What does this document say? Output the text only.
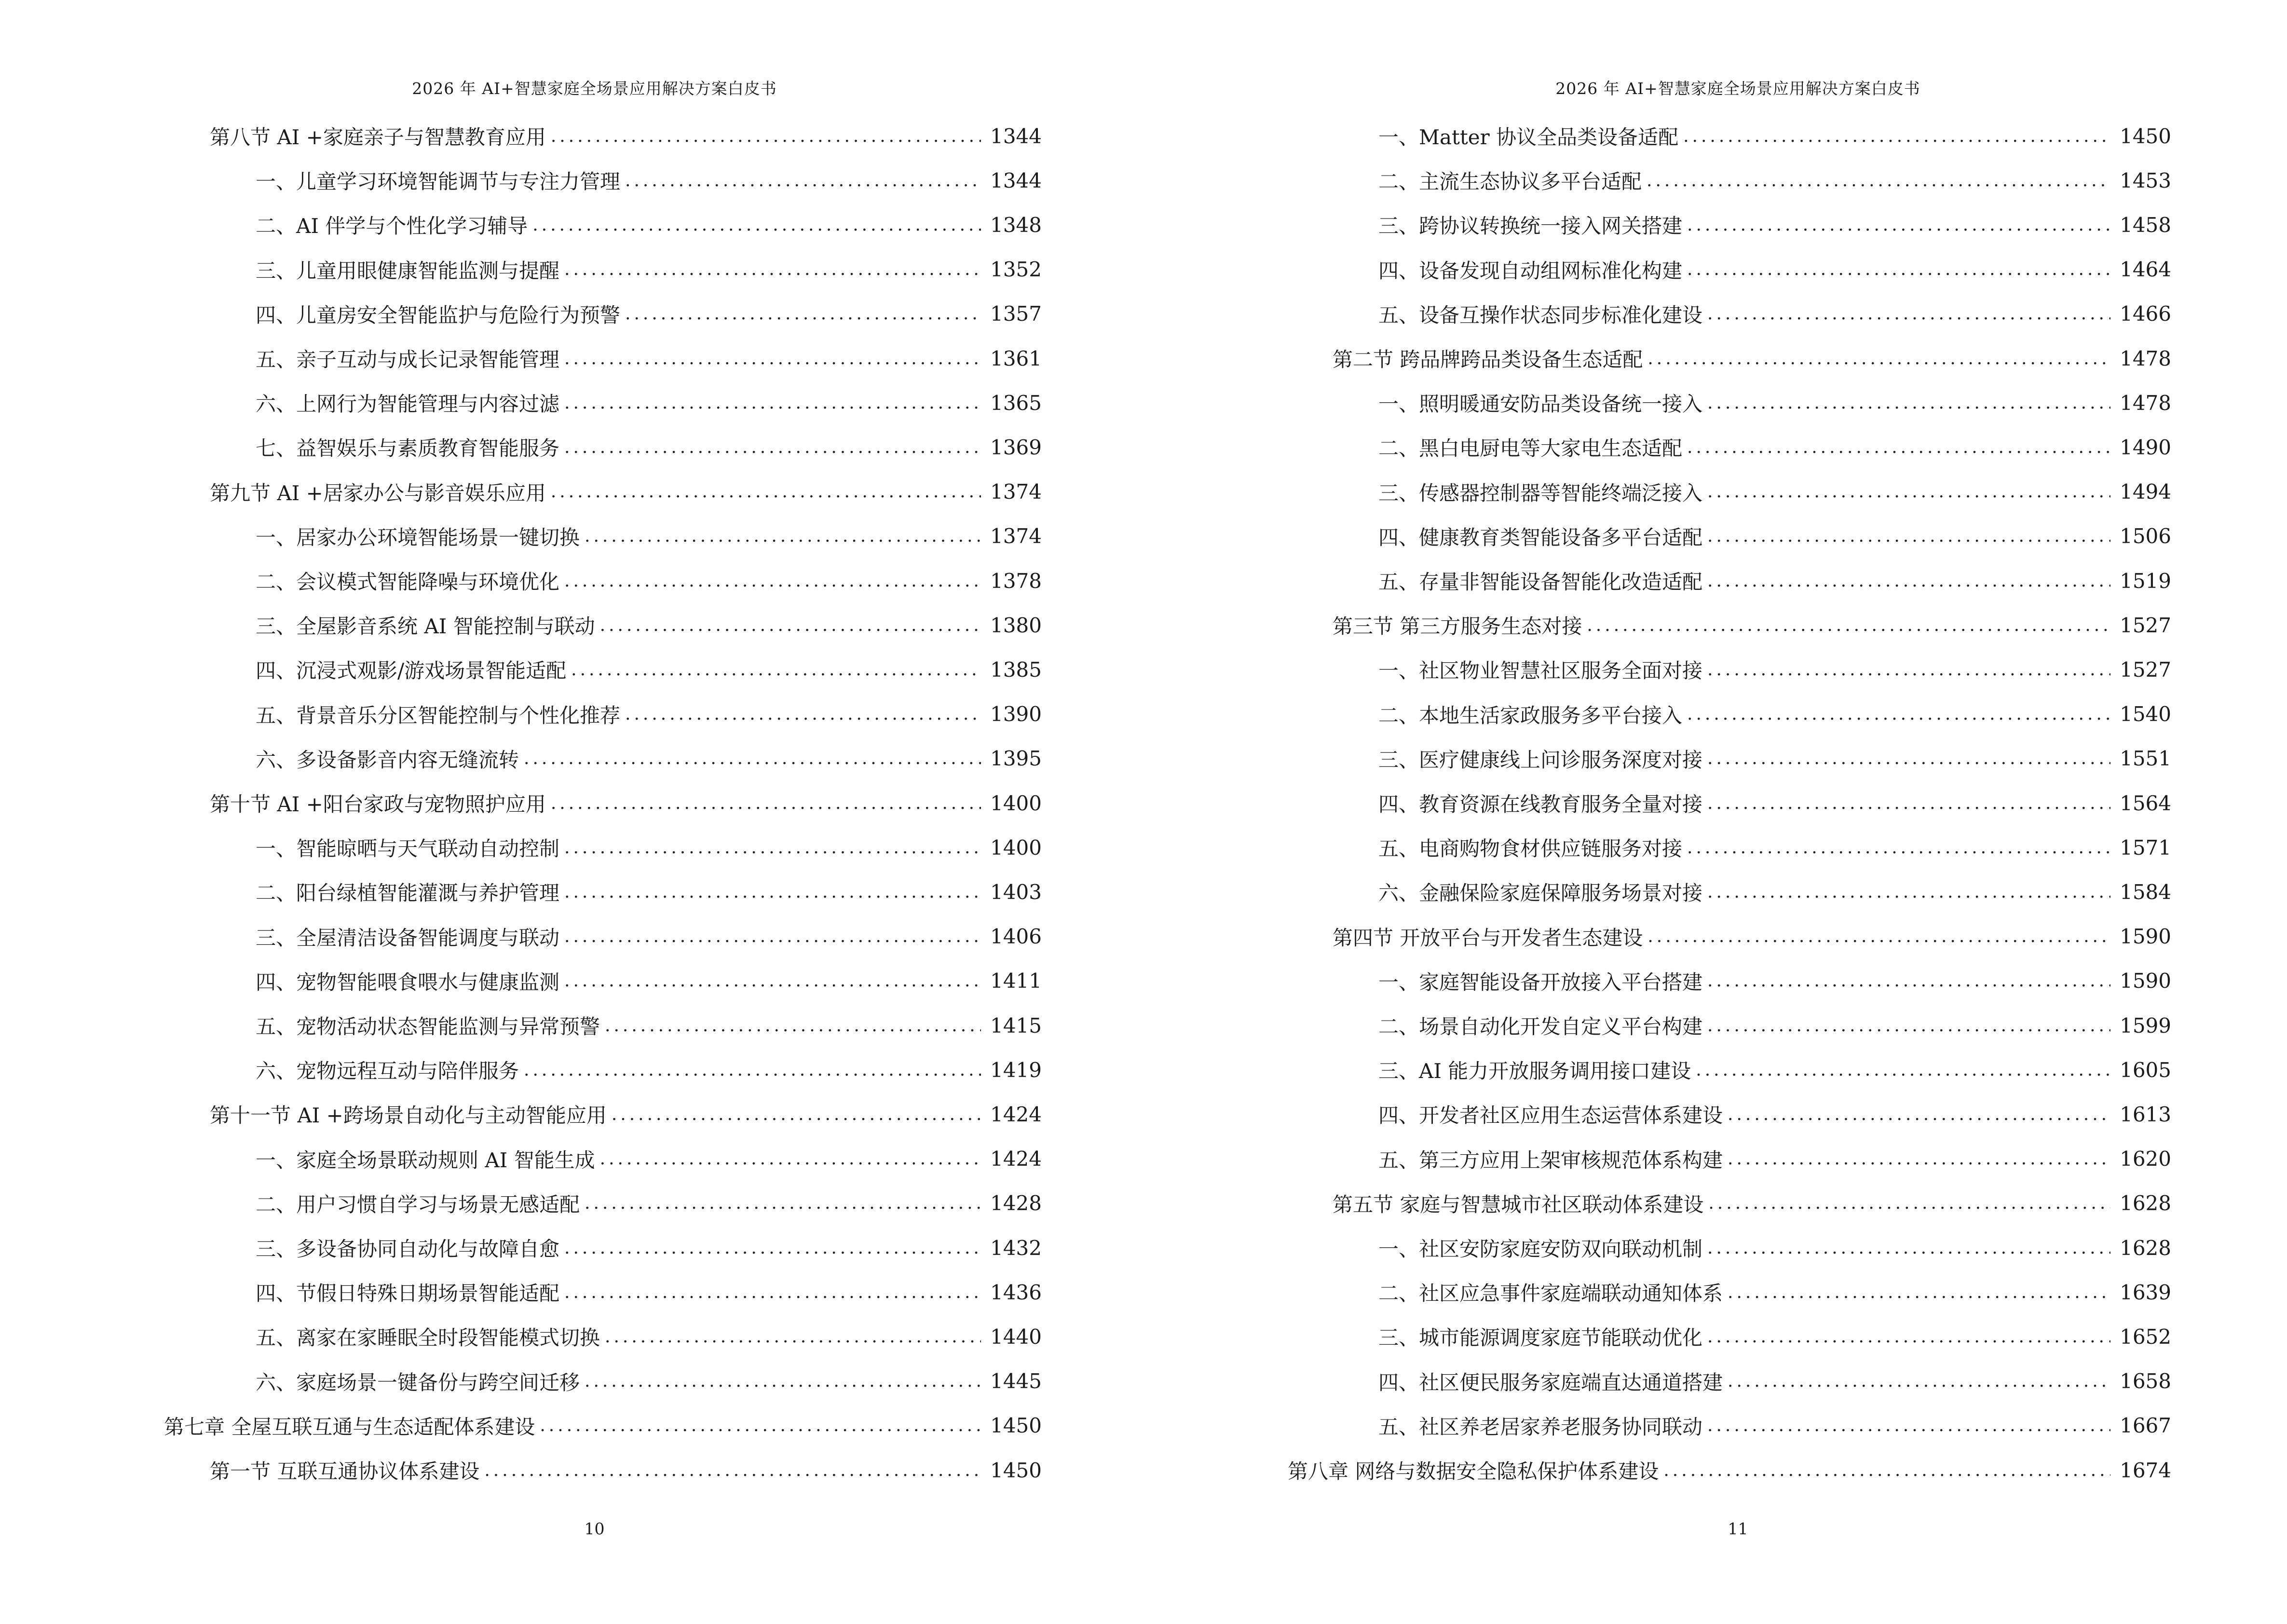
2026 年 AI+智慧家庭全场景应用解决方案白皮书
第八节 AI +家庭亲子与智慧教育应用 .....	1344
一、儿童学习环境智能调节与专注力管理 .....	1344
二、AI 伴学与个性化学习辅导 .....	1348
三、儿童用眼健康智能监测与提醒 .....	1352
四、儿童房安全智能监护与危险行为预警 .....	1357
五、亲子互动与成长记录智能管理 .....	1361
六、上网行为智能管理与内容过滤 .....	1365
七、益智娱乐与素质教育智能服务 .....	1369
第九节 AI +居家办公与影音娱乐应用 .....	1374
一、居家办公环境智能场景一键切换 .....	1374
二、会议模式智能降噪与环境优化 .....	1378
三、全屋影音系统 AI 智能控制与联动 .....	1380
四、沉浸式观影/游戏场景智能适配 .....	1385
五、背景音乐分区智能控制与个性化推荐 .....	1390
六、多设备影音内容无缝流转 .....	1395
第十节 AI +阳台家政与宠物照护应用 .....	1400
一、智能晾晒与天气联动自动控制 .....	1400
二、阳台绿植智能灌溉与养护管理 .....	1403
三、全屋清洁设备智能调度与联动 .....	1406
四、宠物智能喂食喂水与健康监测 .....	1411
五、宠物活动状态智能监测与异常预警 .....	1415
六、宠物远程互动与陪伴服务 .....	1419
第十一节 AI +跨场景自动化与主动智能应用 .....	1424
一、家庭全场景联动规则 AI 智能生成 .....	1424
二、用户习惯自学习与场景无感适配 .....	1428
三、多设备协同自动化与故障自愈 .....	1432
四、节假日特殊日期场景智能适配 .....	1436
五、离家在家睡眠全时段智能模式切换 .....	1440
六、家庭场景一键备份与跨空间迁移 .....	1445
第七章 全屋互联互通与生态适配体系建设 .....	1450
第一节 互联互通协议体系建设 .....	1450
10
2026 年 AI+智慧家庭全场景应用解决方案白皮书
一、Matter 协议全品类设备适配 .....	1450
二、主流生态协议多平台适配 .....	1453
三、跨协议转换统一接入网关搭建 .....	1458
四、设备发现自动组网标准化构建 .....	1464
五、设备互操作状态同步标准化建设 .....	1466
第二节 跨品牌跨品类设备生态适配 .....	1478
一、照明暖通安防品类设备统一接入 .....	1478
二、黑白电厨电等大家电生态适配 .....	1490
三、传感器控制器等智能终端泛接入 .....	1494
四、健康教育类智能设备多平台适配 .....	1506
五、存量非智能设备智能化改造适配 .....	1519
第三节 第三方服务生态对接 .....	1527
一、社区物业智慧社区服务全面对接 .....	1527
二、本地生活家政服务多平台接入 .....	1540
三、医疗健康线上问诊服务深度对接 .....	1551
四、教育资源在线教育服务全量对接 .....	1564
五、电商购物食材供应链服务对接 .....	1571
六、金融保险家庭保障服务场景对接 .....	1584
第四节 开放平台与开发者生态建设 .....	1590
一、家庭智能设备开放接入平台搭建 .....	1590
二、场景自动化开发自定义平台构建 .....	1599
三、AI 能力开放服务调用接口建设 .....	1605
四、开发者社区应用生态运营体系建设 .....	1613
五、第三方应用上架审核规范体系构建 .....	1620
第五节 家庭与智慧城市社区联动体系建设 .....	1628
一、社区安防家庭安防双向联动机制 .....	1628
二、社区应急事件家庭端联动通知体系 .....	1639
三、城市能源调度家庭节能联动优化 .....	1652
四、社区便民服务家庭端直达通道搭建 .....	1658
五、社区养老居家养老服务协同联动 .....	1667
第八章 网络与数据安全隐私保护体系建设 .....	1674
11
